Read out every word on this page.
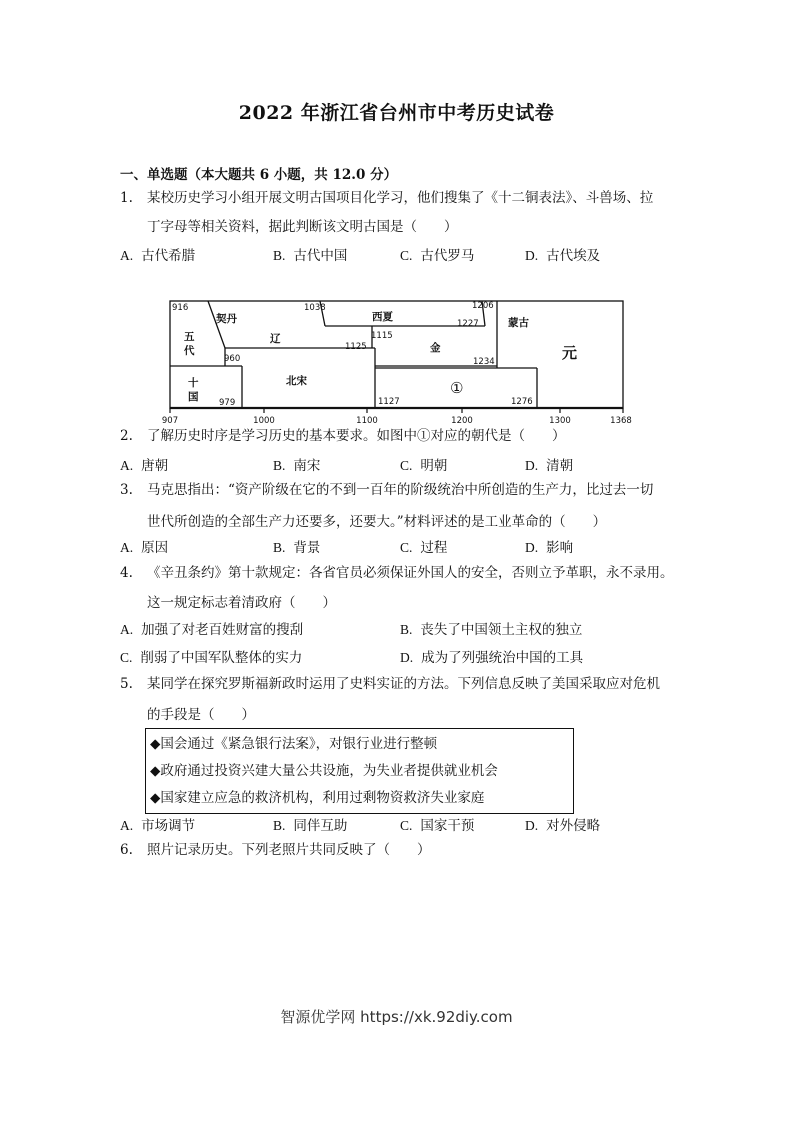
2022 年浙江省台州市中考历史试卷
一、单选题（本大题共 6 小题，共 12.0 分）
1. 某校历史学习小组开展文明古国项目化学习，他们搜集了《十二铜表法》、斗兽场、拉
丁字母等相关资料，据此判断该文明古国是（　　）
A. 古代希腊	B. 古代中国	C. 古代罗马	D. 古代埃及
契丹
辽
五
代
十
国
北宋
西夏
金
蒙古
元
①
916
960
979
1038
1115
1125
1127
1206
1227
1234
1276
907	1000	1100	1200	1300	1368
2. 了解历史时序是学习历史的基本要求。如图中①对应的朝代是（　　）
A. 唐朝	B. 南宋	C. 明朝	D. 清朝
3. 马克思指出：“资产阶级在它的不到一百年的阶级统治中所创造的生产力，比过去一切
世代所创造的全部生产力还要多，还要大。”材料评述的是工业革命的（　　）
A. 原因	B. 背景	C. 过程	D. 影响
4. 《辛丑条约》第十款规定：各省官员必须保证外国人的安全，否则立予革职，永不录用。
这一规定标志着清政府（　　）
A. 加强了对老百姓财富的搜刮	B. 丧失了中国领土主权的独立
C. 削弱了中国军队整体的实力	D. 成为了列强统治中国的工具
5. 某同学在探究罗斯福新政时运用了史料实证的方法。下列信息反映了美国采取应对危机
的手段是（　　）
◆国会通过《紧急银行法案》，对银行业进行整顿
◆政府通过投资兴建大量公共设施，为失业者提供就业机会
◆国家建立应急的救济机构，利用过剩物资救济失业家庭
A. 市场调节	B. 同伴互助	C. 国家干预	D. 对外侵略
6. 照片记录历史。下列老照片共同反映了（　　）
智源优学网 https://xk.92diy.com
